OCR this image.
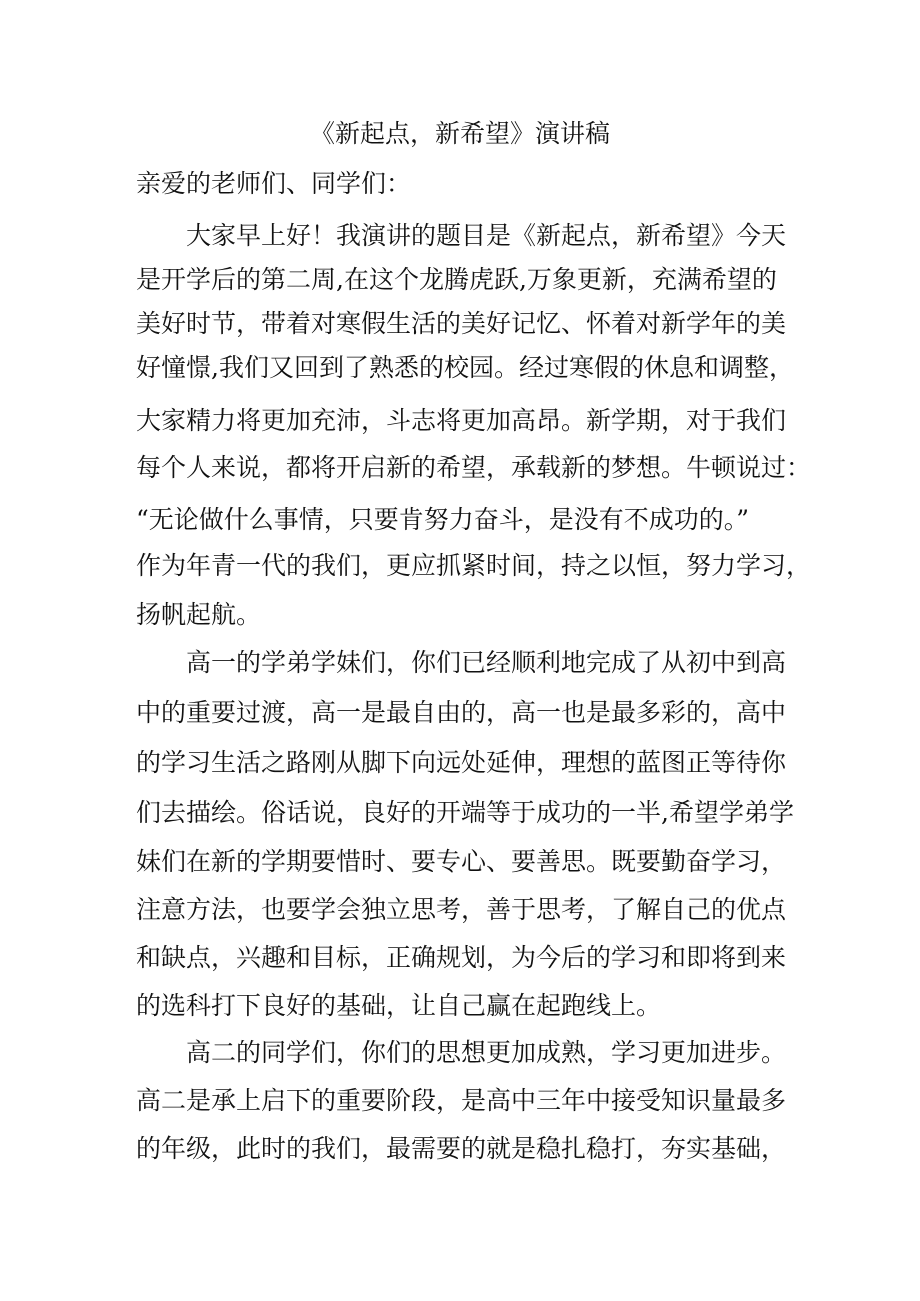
《新起点，新希望》演讲稿
亲爱的老师们、同学们：
　　大家早上好！我演讲的题目是《新起点，新希望》今天
是开学后的第二周,在这个龙腾虎跃,万象更新，充满希望的
美好时节，带着对寒假生活的美好记忆、怀着对新学年的美
好憧憬,我们又回到了熟悉的校园。经过寒假的休息和调整，
大家精力将更加充沛，斗志将更加高昂。新学期，对于我们
每个人来说，都将开启新的希望，承载新的梦想。牛顿说过：
“无论做什么事情，只要肯努力奋斗，是没有不成功的。”
作为年青一代的我们，更应抓紧时间，持之以恒，努力学习，
扬帆起航。
　　高一的学弟学妹们，你们已经顺利地完成了从初中到高
中的重要过渡，高一是最自由的，高一也是最多彩的，高中
的学习生活之路刚从脚下向远处延伸，理想的蓝图正等待你
们去描绘。俗话说，良好的开端等于成功的一半,希望学弟学
妹们在新的学期要惜时、要专心、要善思。既要勤奋学习，
注意方法，也要学会独立思考，善于思考，了解自己的优点
和缺点，兴趣和目标，正确规划，为今后的学习和即将到来
的选科打下良好的基础，让自己赢在起跑线上。
　　高二的同学们，你们的思想更加成熟，学习更加进步。
高二是承上启下的重要阶段，是高中三年中接受知识量最多
的年级，此时的我们，最需要的就是稳扎稳打，夯实基础，
